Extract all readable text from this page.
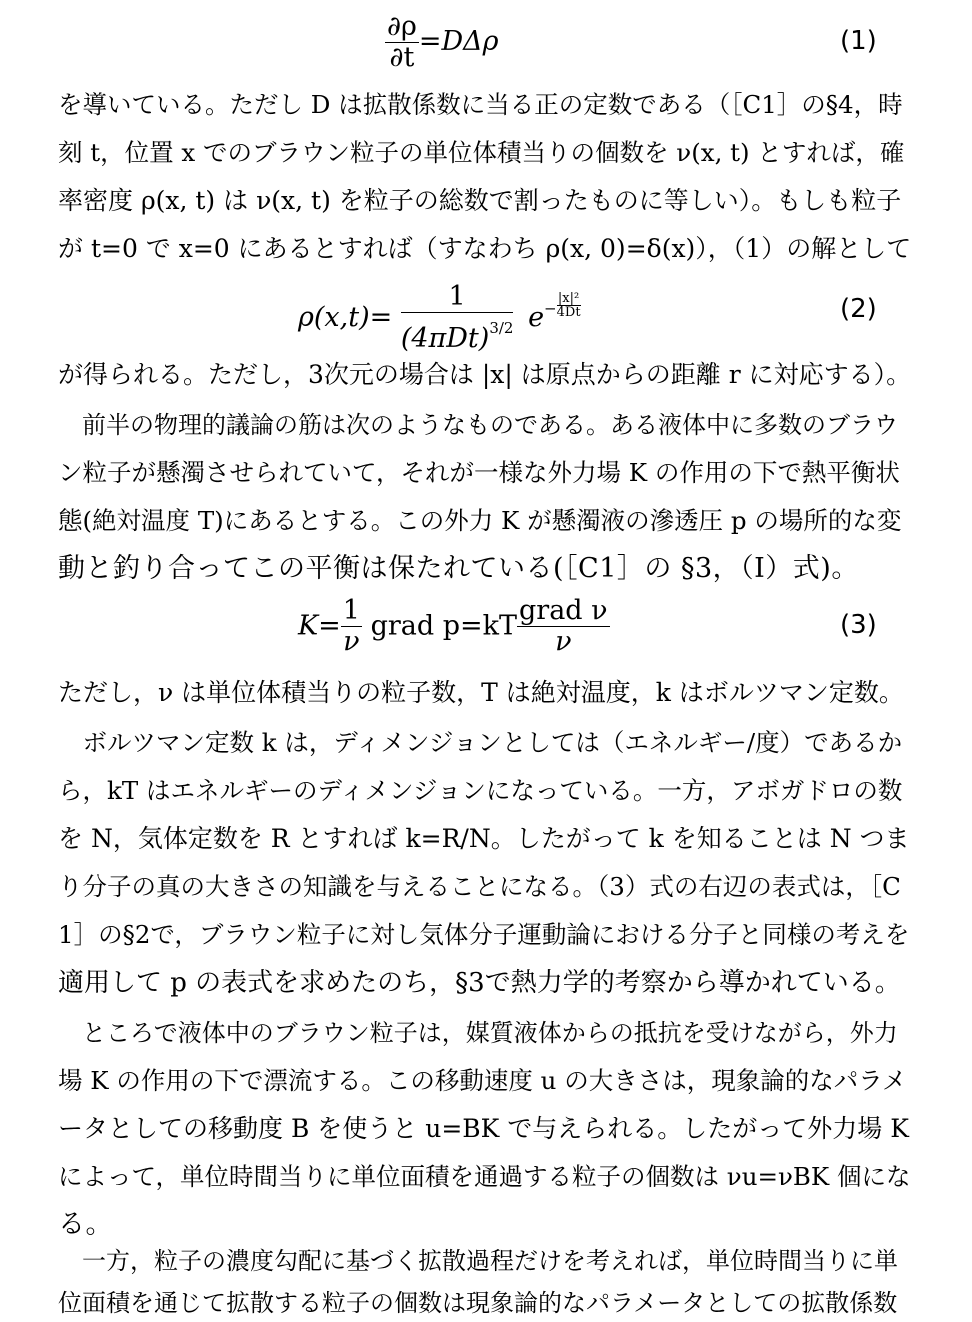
$\frac{\partial\rho}{\partial t} =D\Delta\rho$	(1)
を導いている。ただし D は拡散係数に当る正の定数である（［C1］の§4，時
刻 t，位置 x でのブラウン粒子の単位体積当りの個数を ν(x, t) とすれば，確
率密度 ρ(x, t) は ν(x, t) を粒子の総数で割ったものに等しい）。もしも粒子
が t=0 で x=0 にあるとすれば（すなわち ρ(x, 0)=δ(x)），（1）の解として
$\rho(x,t)= \frac{1}{(4\pi Dt)^{3/2}} e^- \frac{\text{|x|²}}{4Dt}$	(2)
が得られる。ただし，3次元の場合は |x| は原点からの距離 r に対応する）。
　前半の物理的議論の筋は次のようなものである。ある液体中に多数のブラウ
ン粒子が懸濁させられていて，それが一様な外力場 K の作用の下で熱平衡状
態(絶対温度 T)にあるとする。この外力 K が懸濁液の滲透圧 p の場所的な変
動と釣り合ってこの平衡は保たれている(［C1］の §3，（I）式)。
$K= \frac{1}{\nu}$ grad $p=kT \frac{\text{grad ν}}{\nu}$	(3)
ただし，ν は単位体積当りの粒子数，T は絶対温度，k はボルツマン定数。
　ボルツマン定数 k は，ディメンジョンとしては（エネルギー/度）であるか
ら，kT はエネルギーのディメンジョンになっている。一方，アボガドロの数
を N，気体定数を R とすれば k=R/N。したがって k を知ることは N つま
り分子の真の大きさの知識を与えることになる。（3）式の右辺の表式は，［C
1］の§2で，ブラウン粒子に対し気体分子運動論における分子と同様の考えを
適用して p の表式を求めたのち，§3で熱力学的考察から導かれている。
　ところで液体中のブラウン粒子は，媒質液体からの抵抗を受けながら，外力
場 K の作用の下で漂流する。この移動速度 u の大きさは，現象論的なパラメ
ータとしての移動度 B を使うと u=BK で与えられる。したがって外力場 K
によって，単位時間当りに単位面積を通過する粒子の個数は νu=νBK 個にな
る。
　一方，粒子の濃度勾配に基づく拡散過程だけを考えれば，単位時間当りに単
位面積を通じて拡散する粒子の個数は現象論的なパラメータとしての拡散係数
